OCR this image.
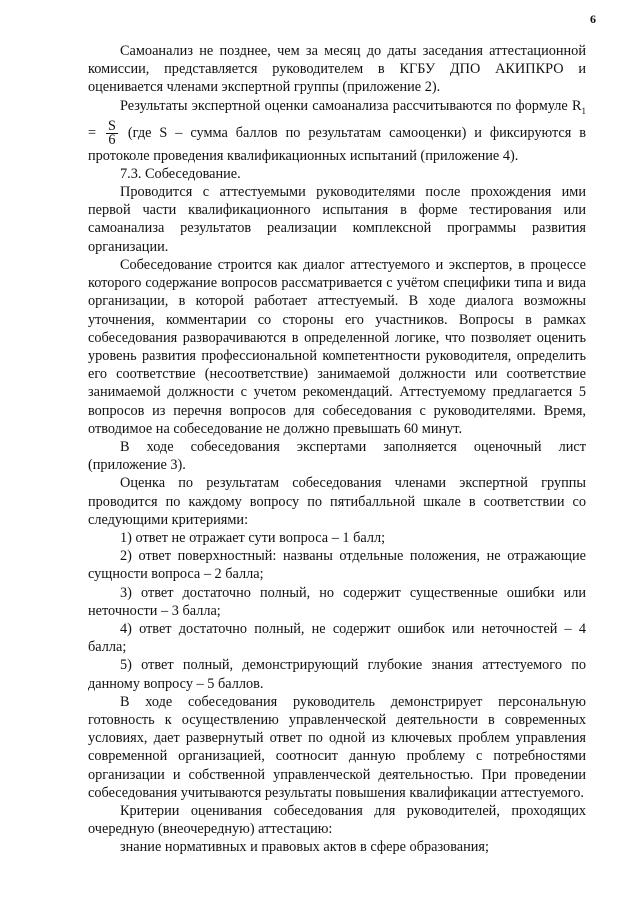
6

Самоанализ не позднее, чем за месяц до даты заседания аттестационной комиссии, представляется руководителем в КГБУ ДПО АКИПКРО и оценивается членами экспертной группы (приложение 2).

Результаты экспертной оценки самоанализа рассчитываются по формуле $R_1 = \frac{S}{6} (где$ S – сумма баллов по результатам самооценки) и фиксируются в протоколе проведения квалификационных испытаний (приложение 4).

7.3. Собеседование.

Проводится с аттестуемыми руководителями после прохождения ими первой части квалификационного испытания в форме тестирования или самоанализа результатов реализации комплексной программы развития организации.

Собеседование строится как диалог аттестуемого и экспертов, в процессе которого содержание вопросов рассматривается с учётом специфики типа и вида организации, в которой работает аттестуемый. В ходе диалога возможны уточнения, комментарии со стороны его участников. Вопросы в рамках собеседования разворачиваются в определенной логике, что позволяет оценить уровень развития профессиональной компетентности руководителя, определить его соответствие (несоответствие) занимаемой должности или соответствие занимаемой должности с учетом рекомендаций. Аттестуемому предлагается 5 вопросов из перечня вопросов для собеседования с руководителями. Время, отводимое на собеседование не должно превышать 60 минут.

В ходе собеседования экспертами заполняется оценочный лист (приложение 3).

Оценка по результатам собеседования членами экспертной группы проводится по каждому вопросу по пятибалльной шкале в соответствии со следующими критериями:

1) ответ не отражает сути вопроса – 1 балл;

2) ответ поверхностный: названы отдельные положения, не отражающие сущности вопроса – 2 балла;

3) ответ достаточно полный, но содержит существенные ошибки или неточности – 3 балла;

4) ответ достаточно полный, не содержит ошибок или неточностей – 4 балла;

5) ответ полный, демонстрирующий глубокие знания аттестуемого по данному вопросу – 5 баллов.

В ходе собеседования руководитель демонстрирует персональную готовность к осуществлению управленческой деятельности в современных условиях, дает развернутый ответ по одной из ключевых проблем управления современной организацией, соотносит данную проблему с потребностями организации и собственной управленческой деятельностью. При проведении собеседования учитываются результаты повышения квалификации аттестуемого.

Критерии оценивания собеседования для руководителей, проходящих очередную (внеочередную) аттестацию:

знание нормативных и правовых актов в сфере образования;
